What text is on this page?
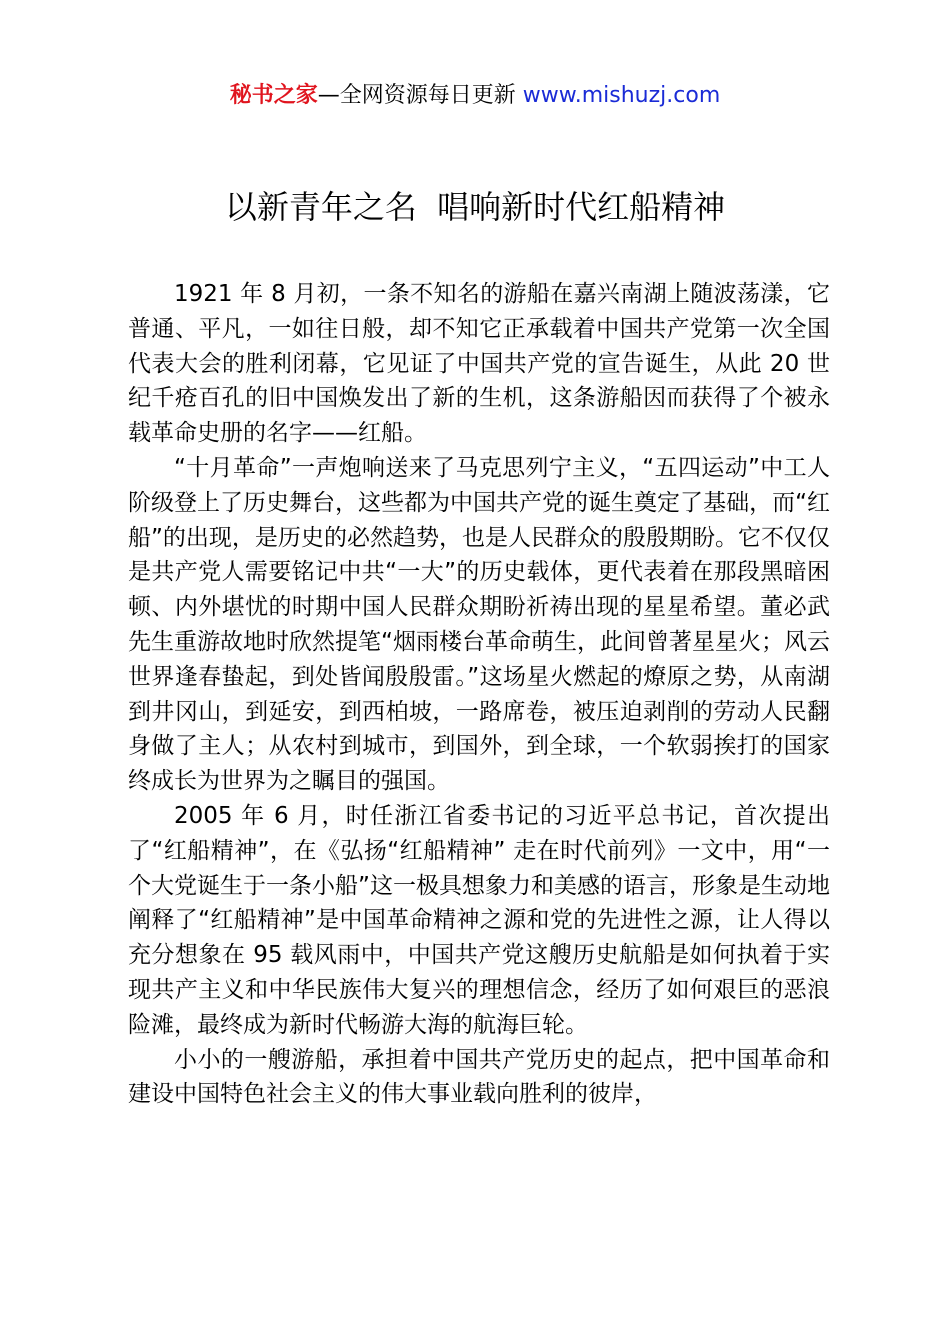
秘书之家—全网资源每日更新 www.mishuzj.com
以新青年之名  唱响新时代红船精神

1921 年 8 月初，一条不知名的游船在嘉兴南湖上随波荡漾，它普通、平凡，一如往日般，却不知它正承载着中国共产党第一次全国代表大会的胜利闭幕，它见证了中国共产党的宣告诞生，从此 20 世纪千疮百孔的旧中国焕发出了新的生机，这条游船因而获得了个被永载革命史册的名字——红船。

“十月革命”一声炮响送来了马克思列宁主义，“五四运动”中工人阶级登上了历史舞台，这些都为中国共产党的诞生奠定了基础，而“红船”的出现，是历史的必然趋势，也是人民群众的殷殷期盼。它不仅仅是共产党人需要铭记中共“一大”的历史载体，更代表着在那段黑暗困顿、内外堪忧的时期中国人民群众期盼祈祷出现的星星希望。董必武先生重游故地时欣然提笔“烟雨楼台革命萌生，此间曾著星星火；风云世界逢春蛰起，到处皆闻殷殷雷。”这场星火燃起的燎原之势，从南湖到井冈山，到延安，到西柏坡，一路席卷，被压迫剥削的劳动人民翻身做了主人；从农村到城市，到国外，到全球，一个软弱挨打的国家终成长为世界为之瞩目的强国。

2005 年 6 月，时任浙江省委书记的习近平总书记，首次提出了“红船精神”，在《弘扬“红船精神” 走在时代前列》一文中，用“一个大党诞生于一条小船”这一极具想象力和美感的语言，形象是生动地阐释了“红船精神”是中国革命精神之源和党的先进性之源，让人得以充分想象在 95 载风雨中，中国共产党这艘历史航船是如何执着于实现共产主义和中华民族伟大复兴的理想信念，经历了如何艰巨的恶浪险滩，最终成为新时代畅游大海的航海巨轮。

小小的一艘游船，承担着中国共产党历史的起点，把中国革命和建设中国特色社会主义的伟大事业载向胜利的彼岸，
